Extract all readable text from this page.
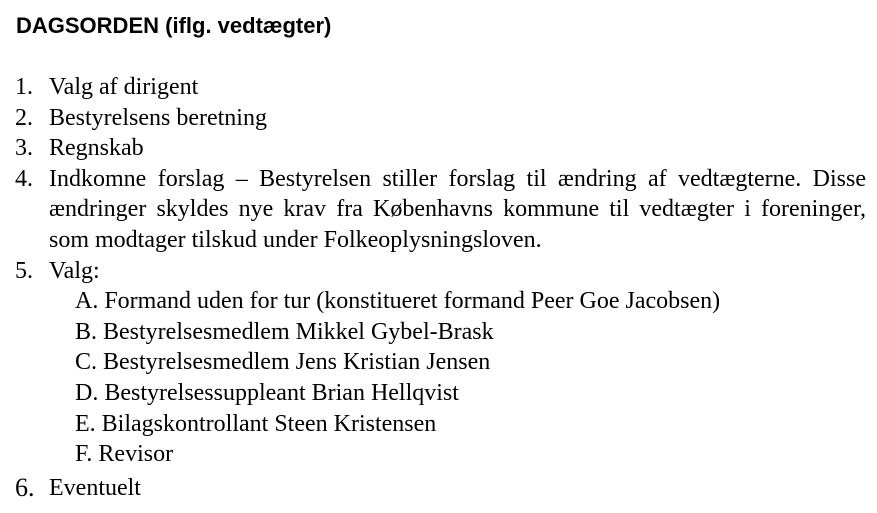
DAGSORDEN (iflg. vedtægter)
1. Valg af dirigent
2. Bestyrelsens beretning
3. Regnskab
4. Indkomne forslag – Bestyrelsen stiller forslag til ændring af vedtægterne. Disse ændringer skyldes nye krav fra Københavns kommune til vedtægter i foreninger, som modtager tilskud under Folkeoplysningsloven.
5. Valg:
A. Formand uden for tur (konstitueret formand Peer Goe Jacobsen)
B. Bestyrelsesmedlem Mikkel Gybel-Brask
C. Bestyrelsesmedlem Jens Kristian Jensen
D. Bestyrelsessuppleant Brian Hellqvist
E. Bilagskontrollant Steen Kristensen
F. Revisor
6. Eventuelt
